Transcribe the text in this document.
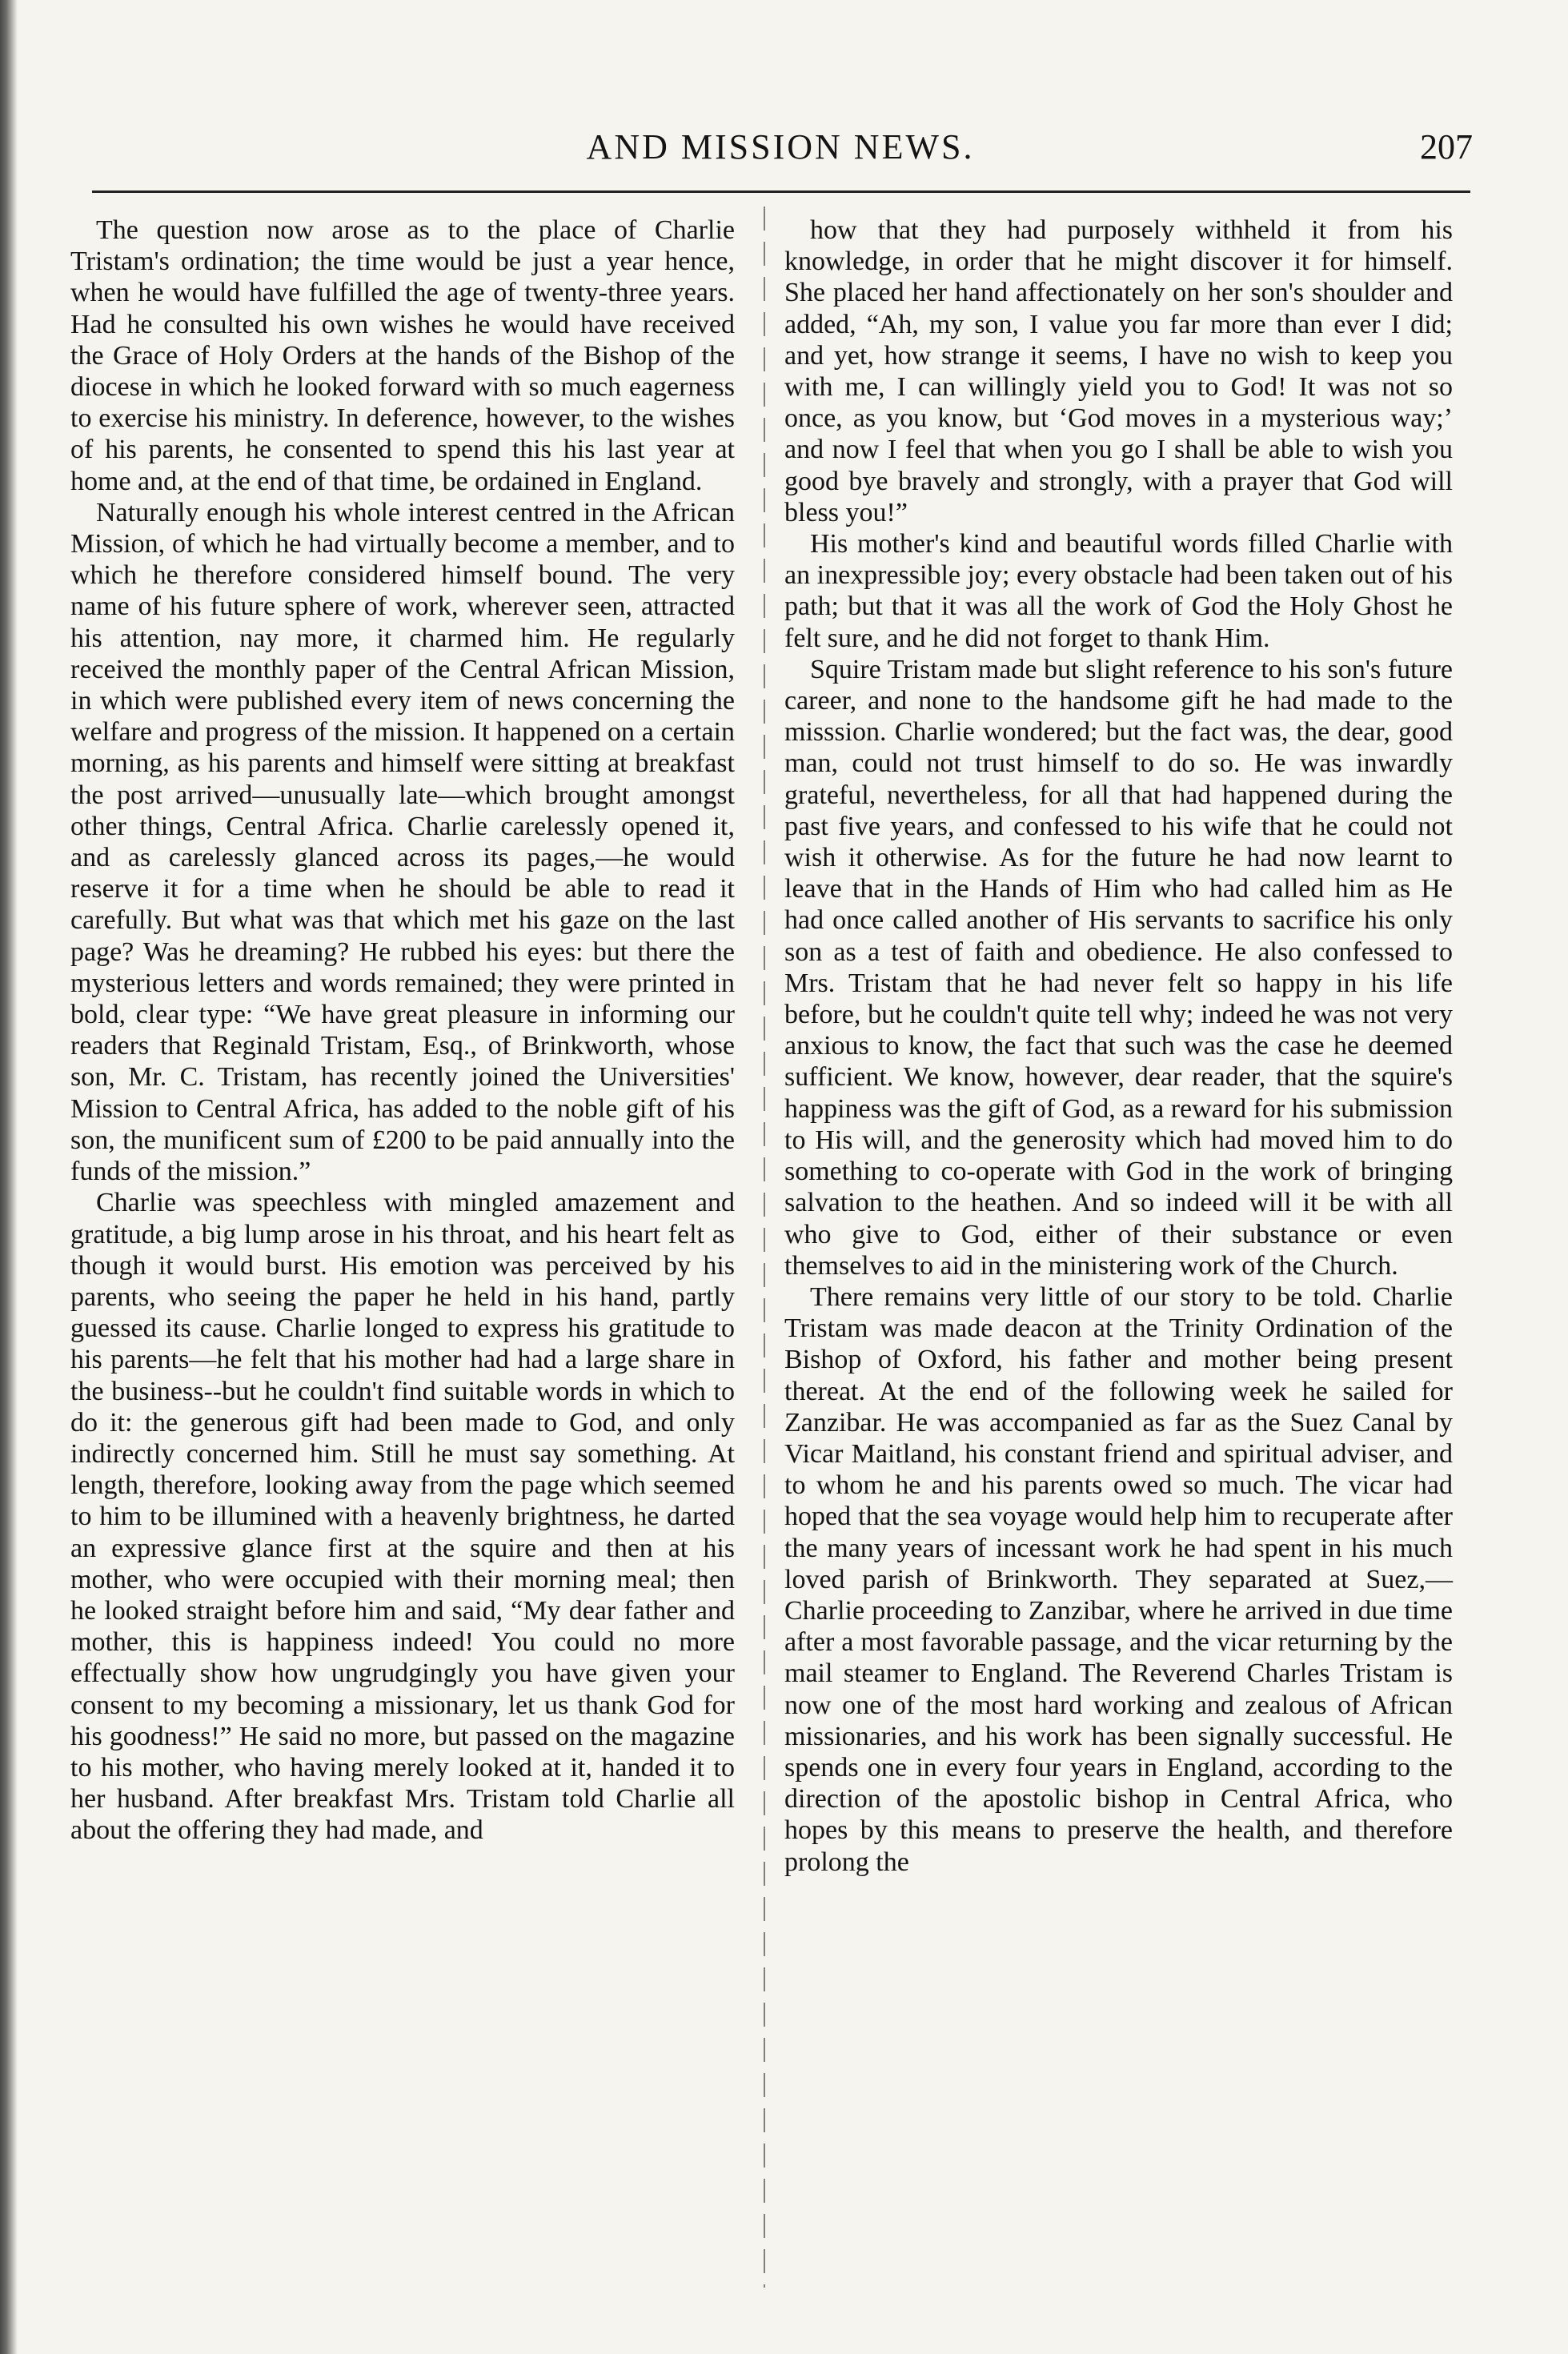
AND MISSION NEWS.	207

The question now arose as to the place of Charlie Tristam's ordination; the time would be just a year hence, when he would have fulfilled the age of twenty-three years. Had he consulted his own wishes he would have received the Grace of Holy Orders at the hands of the Bishop of the diocese in which he looked forward with so much eagerness to exercise his ministry. In deference, however, to the wishes of his parents, he consented to spend this his last year at home and, at the end of that time, be ordained in England.

Naturally enough his whole interest centred in the African Mission, of which he had virtually become a member, and to which he therefore considered himself bound. The very name of his future sphere of work, wherever seen, attracted his attention, nay more, it charmed him. He regularly received the monthly paper of the Central African Mission, in which were published every item of news concerning the welfare and progress of the mission. It happened on a certain morning, as his parents and himself were sitting at breakfast the post arrived—unusually late—which brought amongst other things, Central Africa. Charlie carelessly opened it, and as carelessly glanced across its pages,—he would reserve it for a time when he should be able to read it carefully. But what was that which met his gaze on the last page? Was he dreaming? He rubbed his eyes: but there the mysterious letters and words remained; they were printed in bold, clear type: “We have great pleasure in informing our readers that Reginald Tristam, Esq., of Brinkworth, whose son, Mr. C. Tristam, has recently joined the Universities' Mission to Central Africa, has added to the noble gift of his son, the munificent sum of £200 to be paid annually into the funds of the mission.”

Charlie was speechless with mingled amazement and gratitude, a big lump arose in his throat, and his heart felt as though it would burst. His emotion was perceived by his parents, who seeing the paper he held in his hand, partly guessed its cause. Charlie longed to express his gratitude to his parents—he felt that his mother had had a large share in the business--but he couldn't find suitable words in which to do it: the generous gift had been made to God, and only indirectly concerned him. Still he must say something. At length, therefore, looking away from the page which seemed to him to be illumined with a heavenly brightness, he darted an expressive glance first at the squire and then at his mother, who were occupied with their morning meal; then he looked straight before him and said, “My dear father and mother, this is happiness indeed! You could no more effectually show how ungrudgingly you have given your consent to my becoming a missionary, let us thank God for his goodness!” He said no more, but passed on the magazine to his mother, who having merely looked at it, handed it to her husband. After breakfast Mrs. Tristam told Charlie all about the offering they had made, and

how that they had purposely withheld it from his knowledge, in order that he might discover it for himself. She placed her hand affectionately on her son's shoulder and added, “Ah, my son, I value you far more than ever I did; and yet, how strange it seems, I have no wish to keep you with me, I can willingly yield you to God! It was not so once, as you know, but ‘God moves in a mysterious way;’ and now I feel that when you go I shall be able to wish you good bye bravely and strongly, with a prayer that God will bless you!”

His mother's kind and beautiful words filled Charlie with an inexpressible joy; every obstacle had been taken out of his path; but that it was all the work of God the Holy Ghost he felt sure, and he did not forget to thank Him.

Squire Tristam made but slight reference to his son's future career, and none to the handsome gift he had made to the misssion. Charlie wondered; but the fact was, the dear, good man, could not trust himself to do so. He was inwardly grateful, nevertheless, for all that had happened during the past five years, and confessed to his wife that he could not wish it otherwise. As for the future he had now learnt to leave that in the Hands of Him who had called him as He had once called another of His servants to sacrifice his only son as a test of faith and obedience. He also confessed to Mrs. Tristam that he had never felt so happy in his life before, but he couldn't quite tell why; indeed he was not very anxious to know, the fact that such was the case he deemed sufficient. We know, however, dear reader, that the squire's happiness was the gift of God, as a reward for his submission to His will, and the generosity which had moved him to do something to co-operate with God in the work of bringing salvation to the heathen. And so indeed will it be with all who give to God, either of their substance or even themselves to aid in the ministering work of the Church.

There remains very little of our story to be told. Charlie Tristam was made deacon at the Trinity Ordination of the Bishop of Oxford, his father and mother being present thereat. At the end of the following week he sailed for Zanzibar. He was accompanied as far as the Suez Canal by Vicar Maitland, his constant friend and spiritual adviser, and to whom he and his parents owed so much. The vicar had hoped that the sea voyage would help him to recuperate after the many years of incessant work he had spent in his much loved parish of Brinkworth. They separated at Suez,—Charlie proceeding to Zanzibar, where he arrived in due time after a most favorable passage, and the vicar returning by the mail steamer to England. The Reverend Charles Tristam is now one of the most hard working and zealous of African missionaries, and his work has been signally successful. He spends one in every four years in England, according to the direction of the apostolic bishop in Central Africa, who hopes by this means to preserve the health, and therefore prolong the
